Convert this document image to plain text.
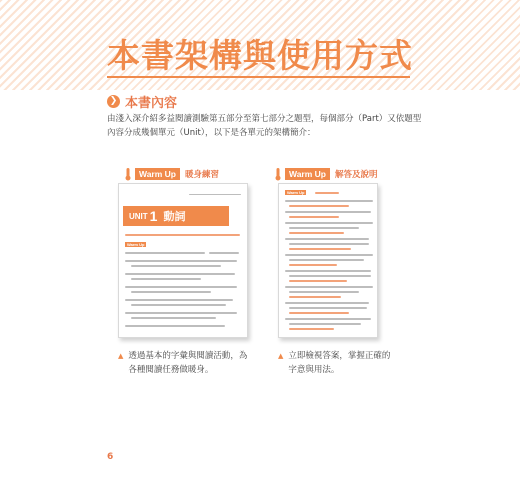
本書架構與使用方式
❯ 本書內容

由淺入深介紹多益閱讀測驗第五部分至第七部分之題型，每個部分（Part）又依題型內容分成幾個單元（Unit），以下是各單元的架構簡介：

Warm Up	暖身練習	Warm Up	解答及說明
UNIT 1 動詞
Warm Up
Warm Up
▲ 透過基本的字彙與閱讀活動，為各種閱讀任務做暖身。
▲ 立即檢視答案，掌握正確的字意與用法。
6
